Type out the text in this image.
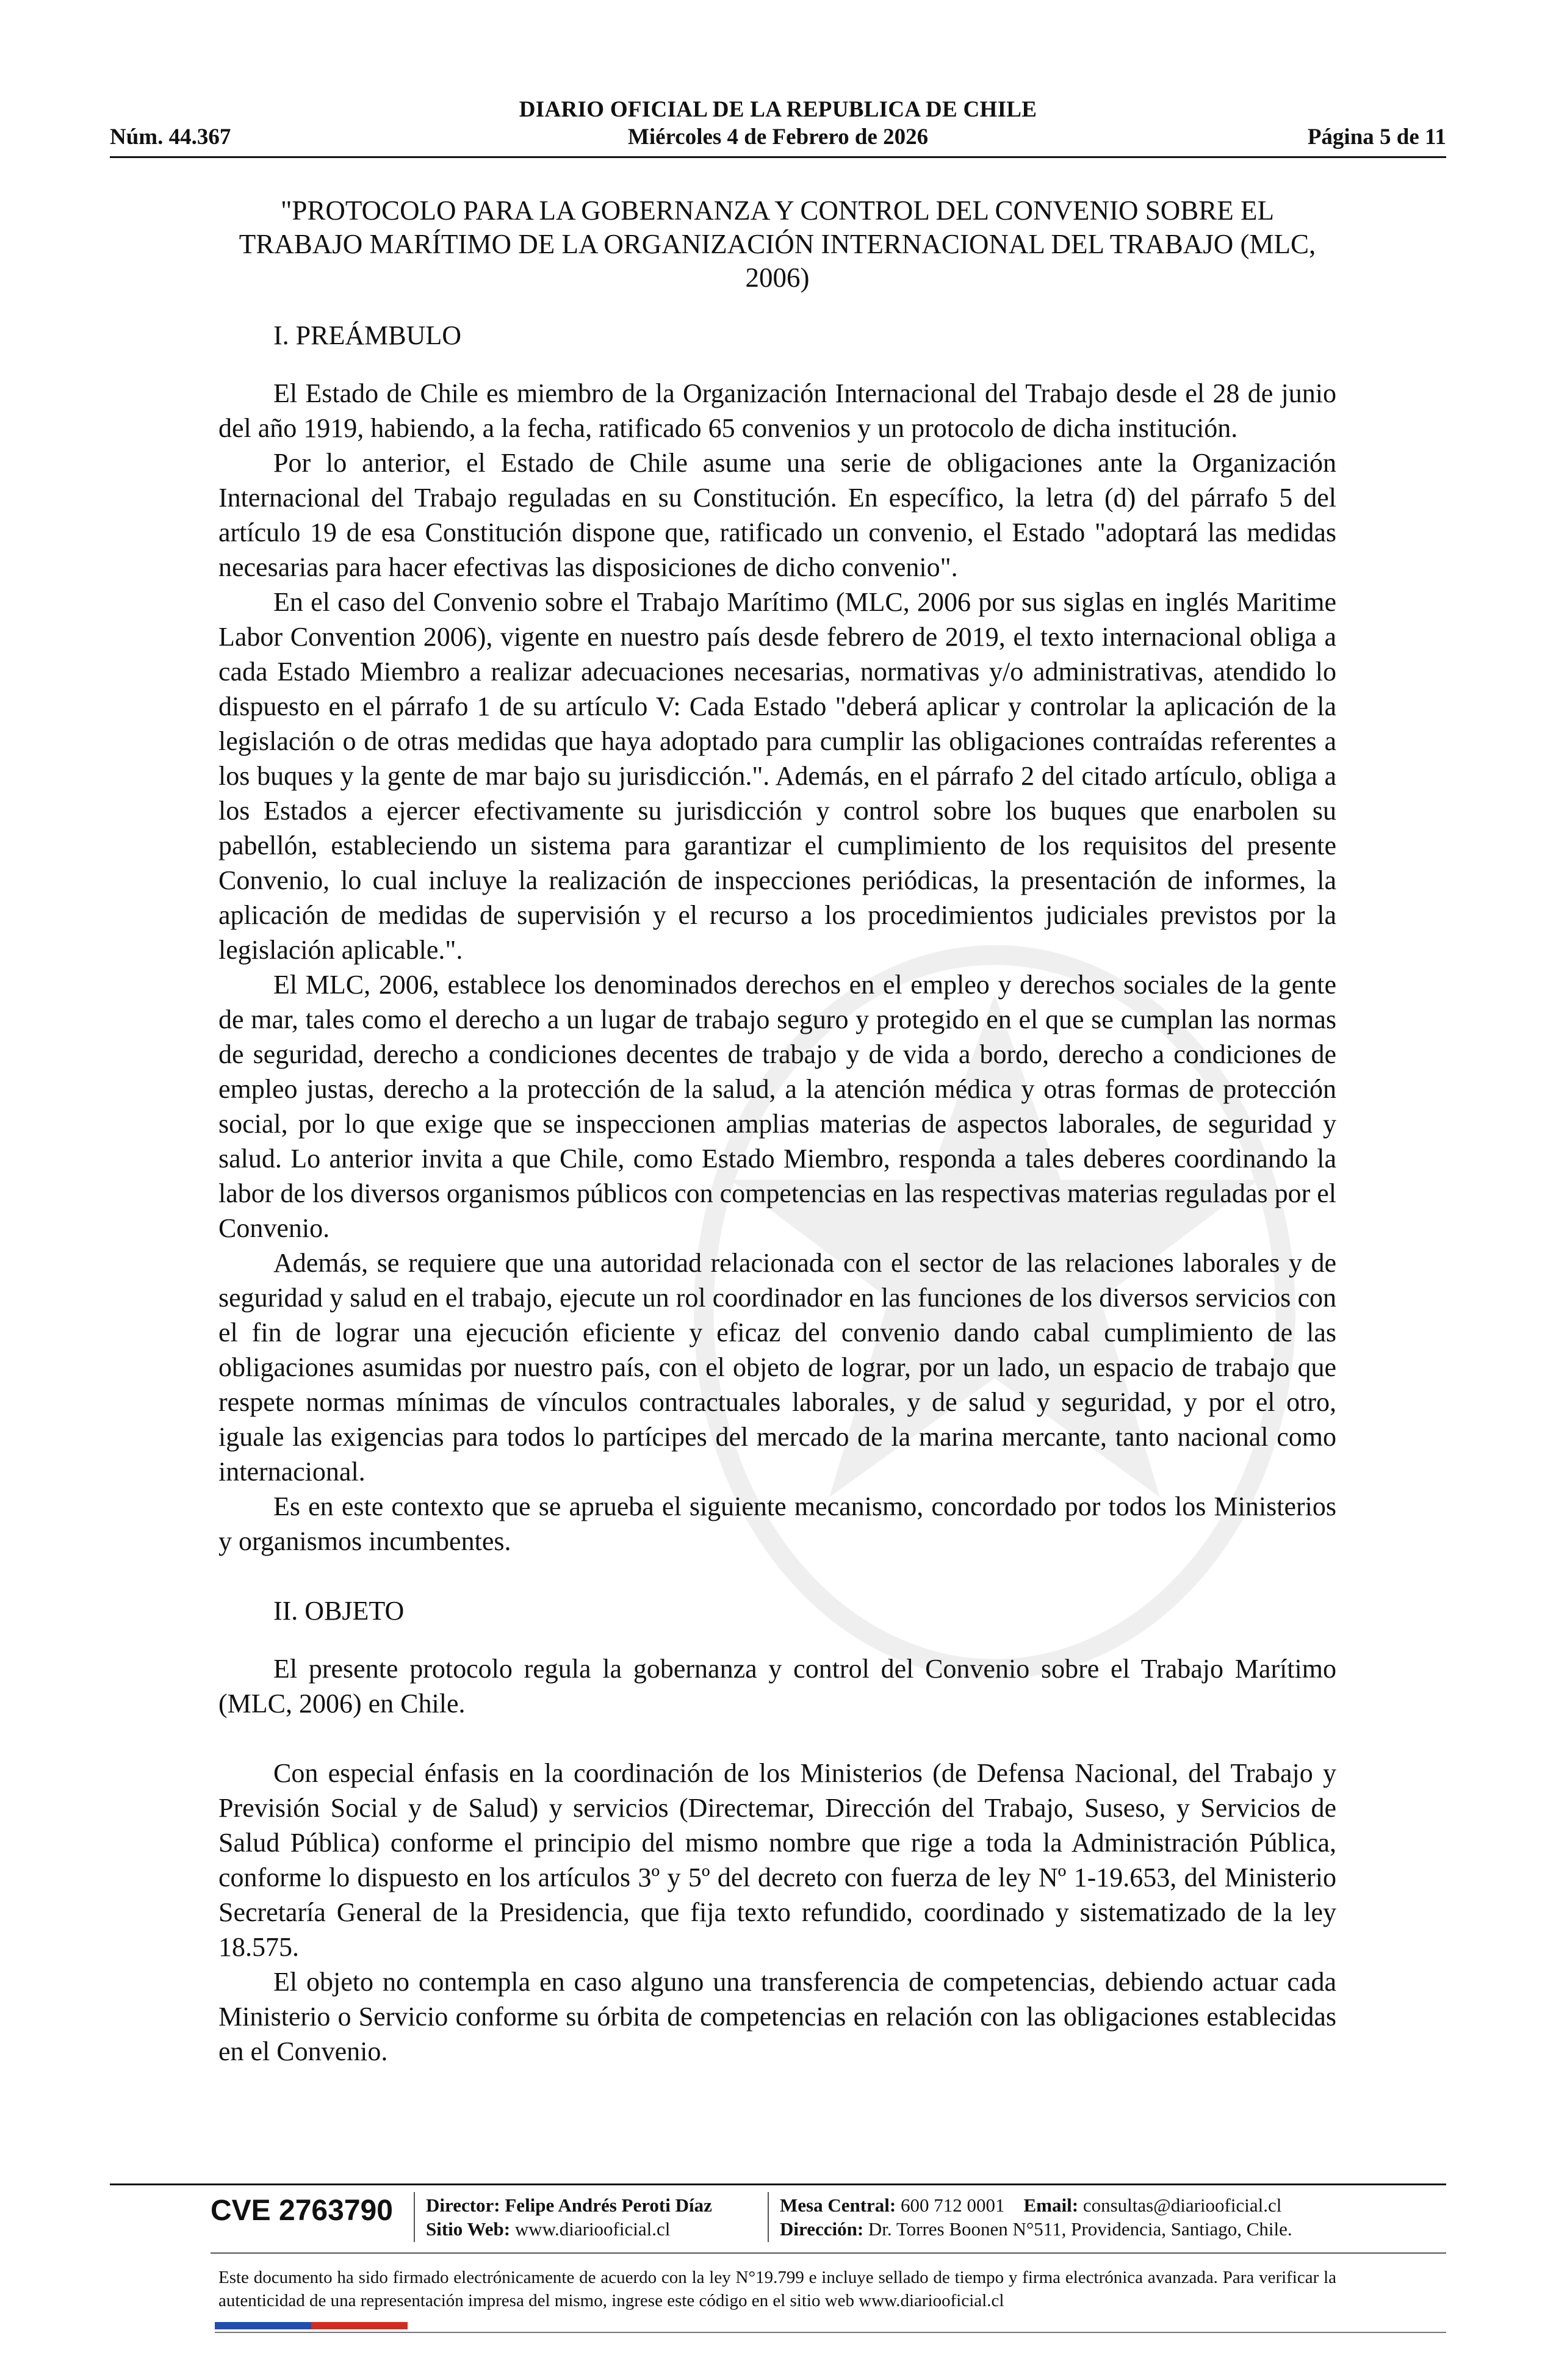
DIARIO OFICIAL DE LA REPUBLICA DE CHILE
Núm. 44.367	Miércoles 4 de Febrero de 2026	Página 5 de 11
"PROTOCOLO PARA LA GOBERNANZA Y CONTROL DEL CONVENIO SOBRE EL TRABAJO MARÍTIMO DE LA ORGANIZACIÓN INTERNACIONAL DEL TRABAJO (MLC, 2006)
I. PREÁMBULO

El Estado de Chile es miembro de la Organización Internacional del Trabajo desde el 28 de junio del año 1919, habiendo, a la fecha, ratificado 65 convenios y un protocolo de dicha institución.

Por lo anterior, el Estado de Chile asume una serie de obligaciones ante la Organización Internacional del Trabajo reguladas en su Constitución. En específico, la letra (d) del párrafo 5 del artículo 19 de esa Constitución dispone que, ratificado un convenio, el Estado "adoptará las medidas necesarias para hacer efectivas las disposiciones de dicho convenio".

En el caso del Convenio sobre el Trabajo Marítimo (MLC, 2006 por sus siglas en inglés Maritime Labor Convention 2006), vigente en nuestro país desde febrero de 2019, el texto internacional obliga a cada Estado Miembro a realizar adecuaciones necesarias, normativas y/o administrativas, atendido lo dispuesto en el párrafo 1 de su artículo V: Cada Estado "deberá aplicar y controlar la aplicación de la legislación o de otras medidas que haya adoptado para cumplir las obligaciones contraídas referentes a los buques y la gente de mar bajo su jurisdicción.". Además, en el párrafo 2 del citado artículo, obliga a los Estados a ejercer efectivamente su jurisdicción y control sobre los buques que enarbolen su pabellón, estableciendo un sistema para garantizar el cumplimiento de los requisitos del presente Convenio, lo cual incluye la realización de inspecciones periódicas, la presentación de informes, la aplicación de medidas de supervisión y el recurso a los procedimientos judiciales previstos por la legislación aplicable.".

El MLC, 2006, establece los denominados derechos en el empleo y derechos sociales de la gente de mar, tales como el derecho a un lugar de trabajo seguro y protegido en el que se cumplan las normas de seguridad, derecho a condiciones decentes de trabajo y de vida a bordo, derecho a condiciones de empleo justas, derecho a la protección de la salud, a la atención médica y otras formas de protección social, por lo que exige que se inspeccionen amplias materias de aspectos laborales, de seguridad y salud. Lo anterior invita a que Chile, como Estado Miembro, responda a tales deberes coordinando la labor de los diversos organismos públicos con competencias en las respectivas materias reguladas por el Convenio.

Además, se requiere que una autoridad relacionada con el sector de las relaciones laborales y de seguridad y salud en el trabajo, ejecute un rol coordinador en las funciones de los diversos servicios con el fin de lograr una ejecución eficiente y eficaz del convenio dando cabal cumplimiento de las obligaciones asumidas por nuestro país, con el objeto de lograr, por un lado, un espacio de trabajo que respete normas mínimas de vínculos contractuales laborales, y de salud y seguridad, y por el otro, iguale las exigencias para todos lo partícipes del mercado de la marina mercante, tanto nacional como internacional.

Es en este contexto que se aprueba el siguiente mecanismo, concordado por todos los Ministerios y organismos incumbentes.

II. OBJETO

El presente protocolo regula la gobernanza y control del Convenio sobre el Trabajo Marítimo (MLC, 2006) en Chile.

Con especial énfasis en la coordinación de los Ministerios (de Defensa Nacional, del Trabajo y Previsión Social y de Salud) y servicios (Directemar, Dirección del Trabajo, Suseso, y Servicios de Salud Pública) conforme el principio del mismo nombre que rige a toda la Administración Pública, conforme lo dispuesto en los artículos 3º y 5º del decreto con fuerza de ley Nº 1-19.653, del Ministerio Secretaría General de la Presidencia, que fija texto refundido, coordinado y sistematizado de la ley 18.575.

El objeto no contempla en caso alguno una transferencia de competencias, debiendo actuar cada Ministerio o Servicio conforme su órbita de competencias en relación con las obligaciones establecidas en el Convenio.

CVE 2763790 Director: Felipe Andrés Peroti Díaz
Sitio Web: www.diariooficial.cl
Mesa Central: 600 712 0001 Email: consultas@diariooficial.cl
Dirección: Dr. Torres Boonen N°511, Providencia, Santiago, Chile.
Este documento ha sido firmado electrónicamente de acuerdo con la ley N°19.799 e incluye sellado de tiempo y firma electrónica avanzada. Para verificar la autenticidad de una representación impresa del mismo, ingrese este código en el sitio web www.diariooficial.cl
